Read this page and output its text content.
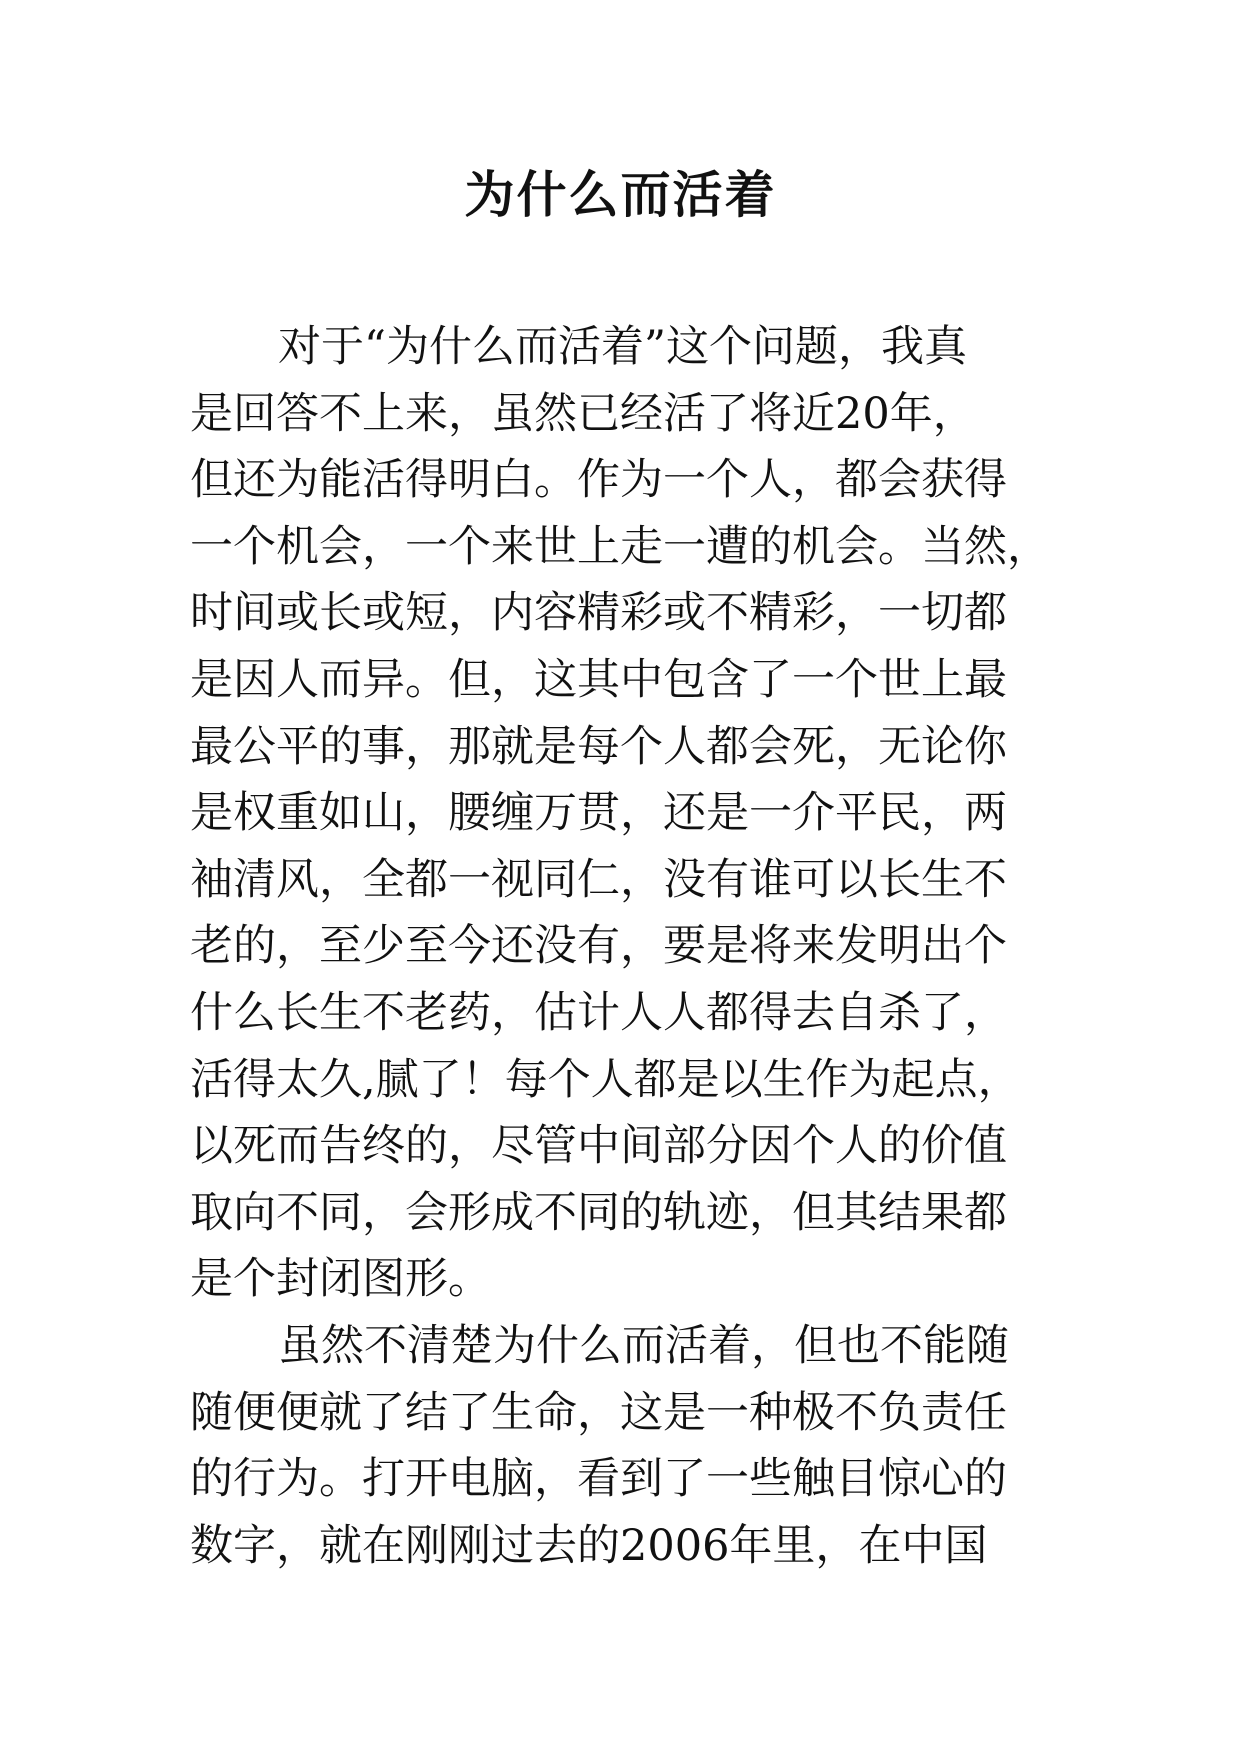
为什么而活着
对于“为什么而活着”这个问题，我真
是回答不上来，虽然已经活了将近20年，
但还为能活得明白。作为一个人，都会获得
一个机会，一个来世上走一遭的机会。当然，
时间或长或短，内容精彩或不精彩，一切都
是因人而异。但，这其中包含了一个世上最
最公平的事，那就是每个人都会死，无论你
是权重如山，腰缠万贯，还是一介平民，两
袖清风，全都一视同仁，没有谁可以长生不
老的，至少至今还没有，要是将来发明出个
什么长生不老药，估计人人都得去自杀了，
活得太久,腻了！每个人都是以生作为起点，
以死而告终的，尽管中间部分因个人的价值
取向不同，会形成不同的轨迹，但其结果都
是个封闭图形。
虽然不清楚为什么而活着，但也不能随
随便便就了结了生命，这是一种极不负责任
的行为。打开电脑，看到了一些触目惊心的
数字，就在刚刚过去的2006年里，在中国
